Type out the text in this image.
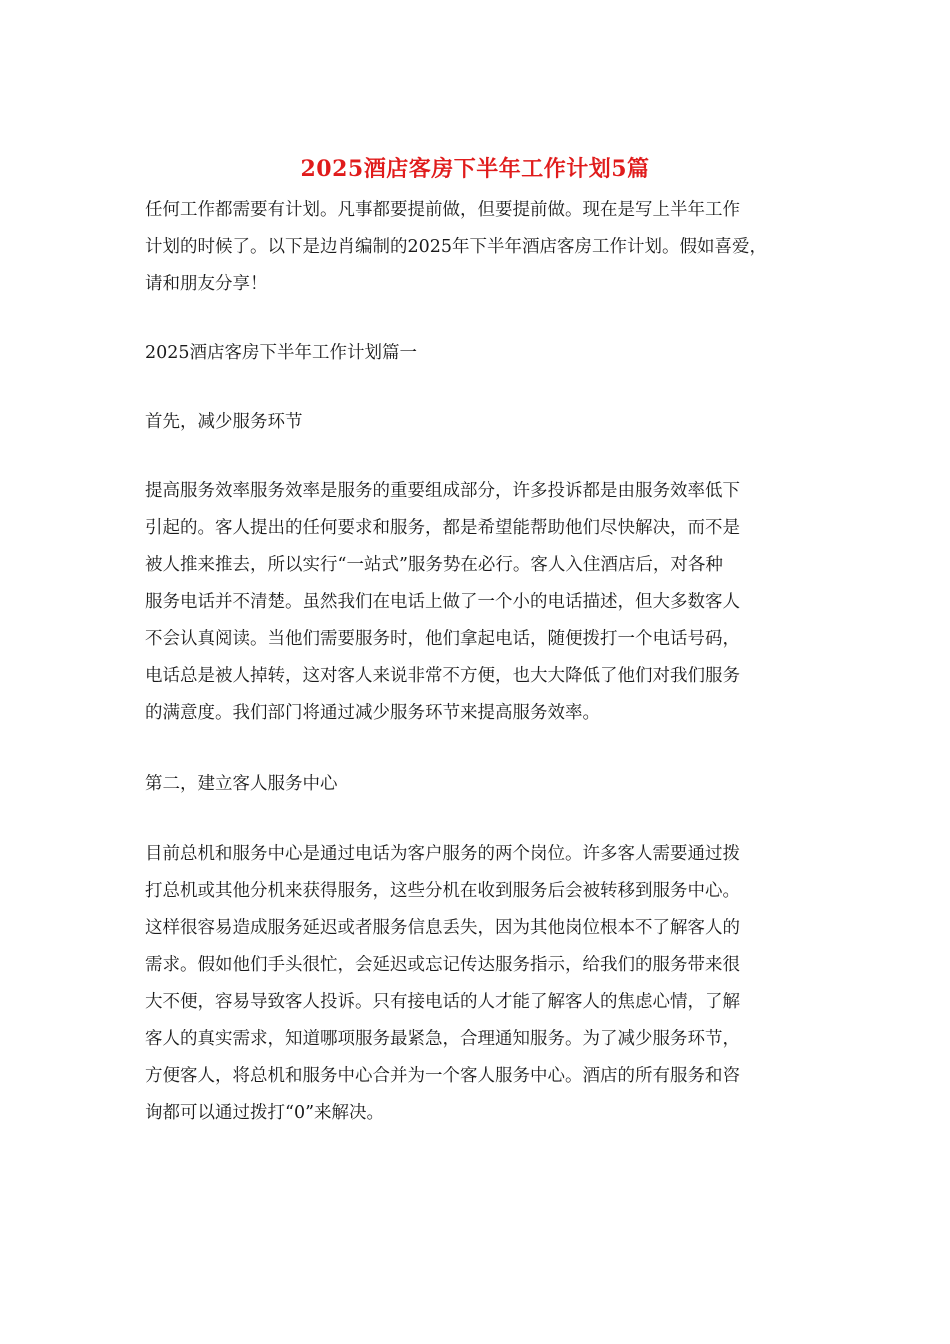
2025酒店客房下半年工作计划5篇

任何工作都需要有计划。凡事都要提前做，但要提前做。现在是写上半年工作
计划的时候了。以下是边肖编制的2025年下半年酒店客房工作计划。假如喜爱，
请和朋友分享！

2025酒店客房下半年工作计划篇一

首先，减少服务环节

提高服务效率服务效率是服务的重要组成部分，许多投诉都是由服务效率低下
引起的。客人提出的任何要求和服务，都是希望能帮助他们尽快解决，而不是
被人推来推去，所以实行“一站式”服务势在必行。客人入住酒店后，对各种
服务电话并不清楚。虽然我们在电话上做了一个小的电话描述，但大多数客人
不会认真阅读。当他们需要服务时，他们拿起电话，随便拨打一个电话号码，
电话总是被人掉转，这对客人来说非常不方便，也大大降低了他们对我们服务
的满意度。我们部门将通过减少服务环节来提高服务效率。

第二，建立客人服务中心

目前总机和服务中心是通过电话为客户服务的两个岗位。许多客人需要通过拨
打总机或其他分机来获得服务，这些分机在收到服务后会被转移到服务中心。
这样很容易造成服务延迟或者服务信息丢失，因为其他岗位根本不了解客人的
需求。假如他们手头很忙，会延迟或忘记传达服务指示，给我们的服务带来很
大不便，容易导致客人投诉。只有接电话的人才能了解客人的焦虑心情，了解
客人的真实需求，知道哪项服务最紧急，合理通知服务。为了减少服务环节，
方便客人，将总机和服务中心合并为一个客人服务中心。酒店的所有服务和咨
询都可以通过拨打“0”来解决。
